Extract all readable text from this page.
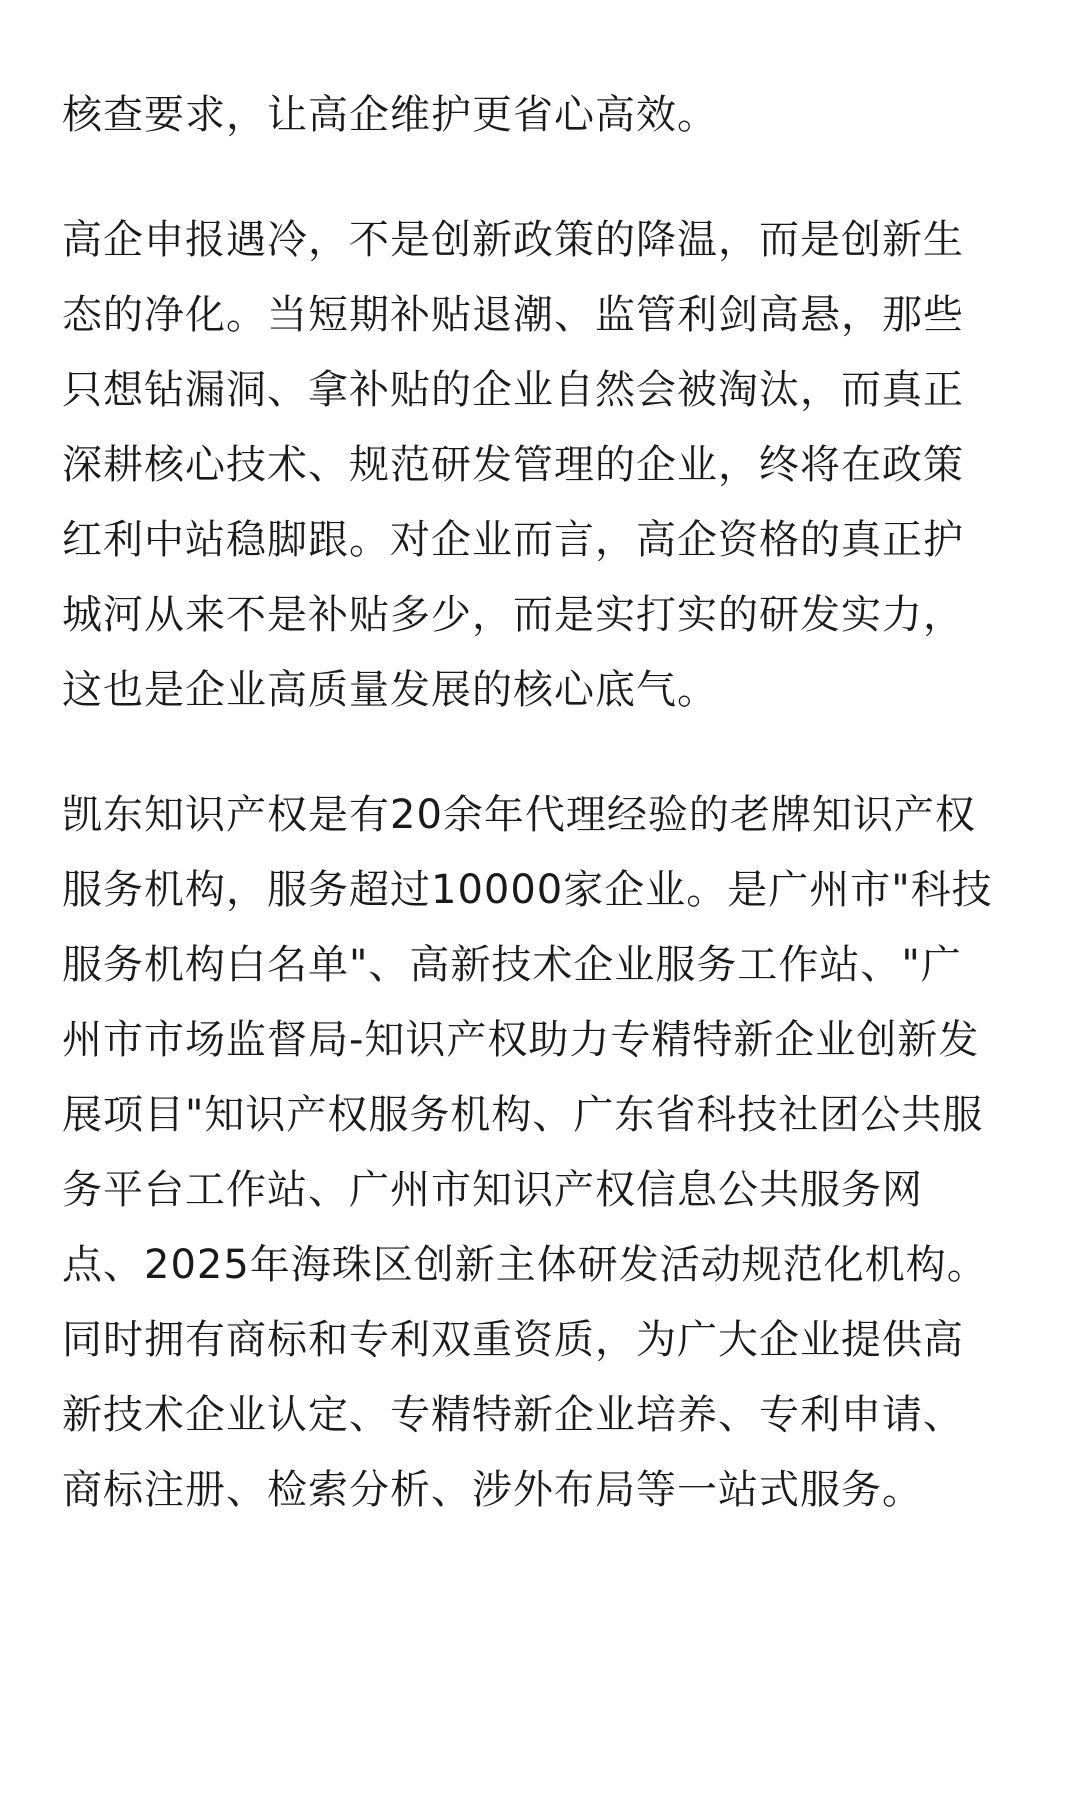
核查要求，让高企维护更省心高效。

高企申报遇冷，不是创新政策的降温，而是创新生
态的净化。当短期补贴退潮、监管利剑高悬，那些
只想钻漏洞、拿补贴的企业自然会被淘汰，而真正
深耕核心技术、规范研发管理的企业，终将在政策
红利中站稳脚跟。对企业而言，高企资格的真正护
城河从来不是补贴多少，而是实打实的研发实力，
这也是企业高质量发展的核心底气。

凯东知识产权是有20余年代理经验的老牌知识产权
服务机构，服务超过10000家企业。是广州市"科技
服务机构白名单"、高新技术企业服务工作站、"广
州市市场监督局-知识产权助力专精特新企业创新发
展项目"知识产权服务机构、广东省科技社团公共服
务平台工作站、广州市知识产权信息公共服务网
点、2025年海珠区创新主体研发活动规范化机构。
同时拥有商标和专利双重资质，为广大企业提供高
新技术企业认定、专精特新企业培养、专利申请、
商标注册、检索分析、涉外布局等一站式服务。
